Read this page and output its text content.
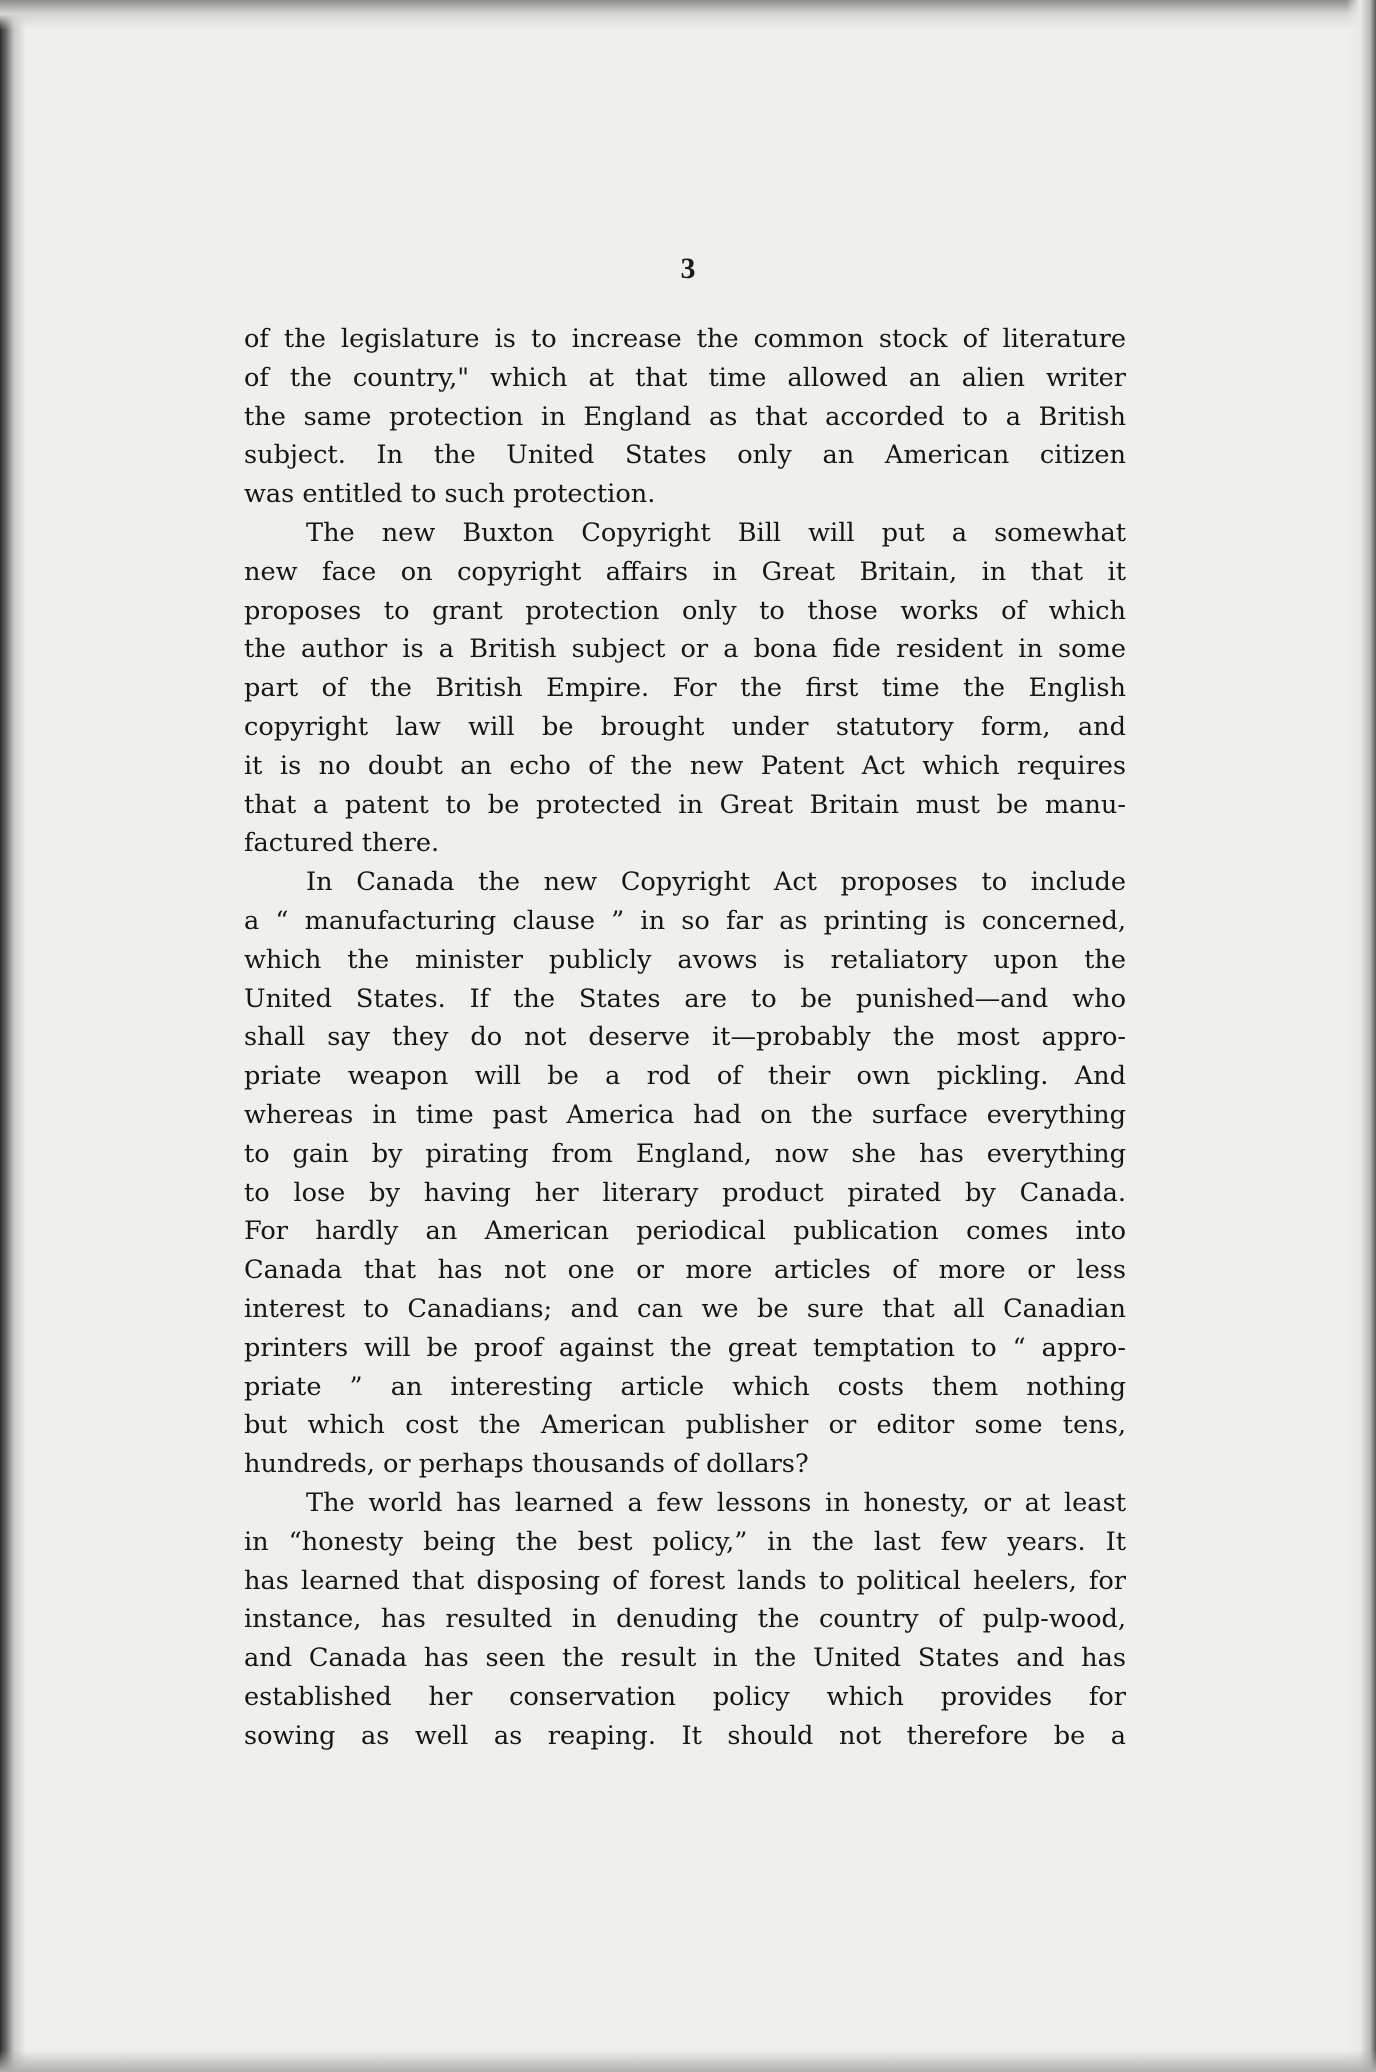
3
of the legislature is to increase the common stock of literature
of the country," which at that time allowed an alien writer
the same protection in England as that accorded to a British
subject. In the United States only an American citizen
was entitled to such protection.
The new Buxton Copyright Bill will put a somewhat
new face on copyright affairs in Great Britain, in that it
proposes to grant protection only to those works of which
the author is a British subject or a bona fide resident in some
part of the British Empire. For the first time the English
copyright law will be brought under statutory form, and
it is no doubt an echo of the new Patent Act which requires
that a patent to be protected in Great Britain must be manu-
factured there.
In Canada the new Copyright Act proposes to include
a “ manufacturing clause ” in so far as printing is concerned,
which the minister publicly avows is retaliatory upon the
United States. If the States are to be punished—and who
shall say they do not deserve it—probably the most appro-
priate weapon will be a rod of their own pickling. And
whereas in time past America had on the surface everything
to gain by pirating from England, now she has everything
to lose by having her literary product pirated by Canada.
For hardly an American periodical publication comes into
Canada that has not one or more articles of more or less
interest to Canadians; and can we be sure that all Canadian
printers will be proof against the great temptation to “ appro-
priate ” an interesting article which costs them nothing
but which cost the American publisher or editor some tens,
hundreds, or perhaps thousands of dollars?
The world has learned a few lessons in honesty, or at least
in “honesty being the best policy,” in the last few years. It
has learned that disposing of forest lands to political heelers, for
instance, has resulted in denuding the country of pulp-wood,
and Canada has seen the result in the United States and has
established her conservation policy which provides for
sowing as well as reaping. It should not therefore be a
